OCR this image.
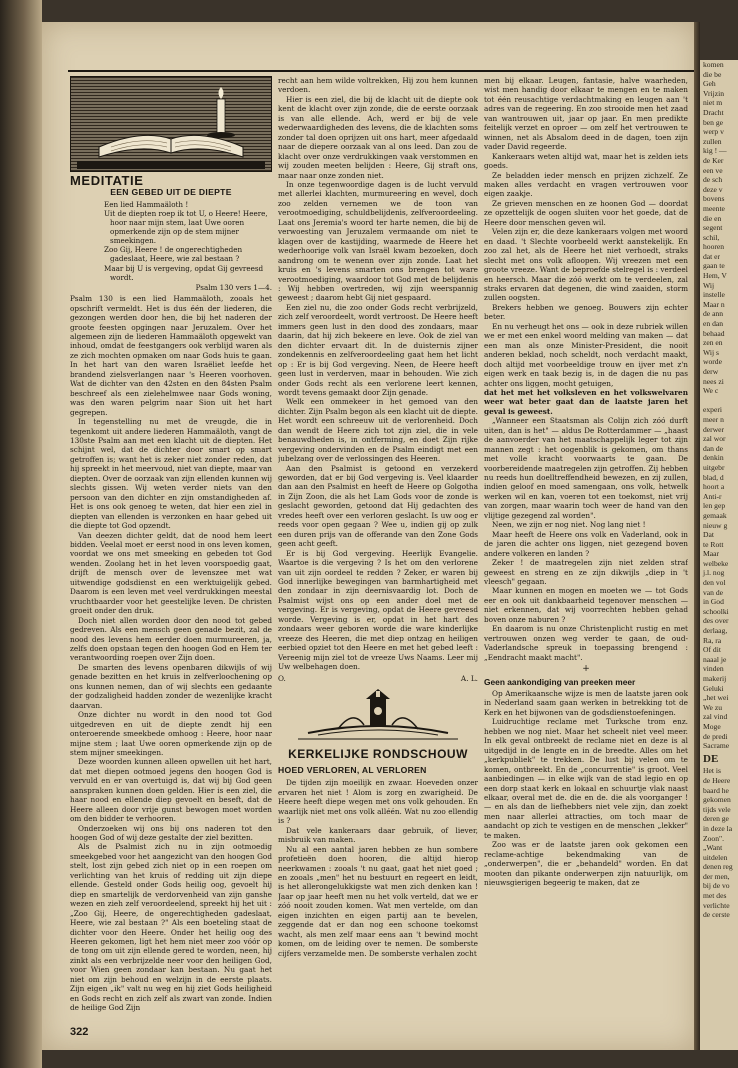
komen
die be
Geh
Vrijzin
niet m
Dracht
ben ge
werp v
zullen
kig ! —
de Ker
een ve
de sch
deze v
bovens
meente
die en
segent
schil,
hooren
dat er
gaan te
Hem, V
Wij
instelle
Maar n
de ann
en dan
behaad
zen en
Wij s
worde
derw
nees zi
We c

experi
meer n
derwer
zal wor
dan de
denkin
uitgebr
blad, d
hoort a
Anti-r
len gep
gemaak
nieuw g
Dat
te Rott
Maar
welbeke
j.l. nog
den vol
van de
in God
schoolki
des over
derlaag,
Ra, ra
Of dit
naaal je
vinden
makerij
Geluki
„het wei
We zu
zal vind
Moge
de predi
Sacrame
DE
Het is
de Heere
baard he
gekomen
tijds vele
deren ge
in deze la
Zoon".
„Want
uitdelen
denen reg
der men,
bij de vo
met des
verlichte
de cerste
MEDITATIE
EEN GEBED UIT DE DIEPTE

Een lied Hammaäloth !

Uit de diepten roep ik tot U, o Heere! Heere, hoor naar mijn stem, laat Uwe ooren opmerkende zijn op de stem mijner smeekingen.

Zoo Gij, Heere ! de ongerechtigheden gadeslaat, Heere, wie zal bestaan ?

Maar bij U is vergeving, opdat Gij gevreesd wordt.

Psalm 130 vers 1—4.

Psalm 130 is een lied Hammaäloth, zooals het opschrift vermeldt. Het is dus één der liederen, die gezongen werden door hen, die bij het naderen der groote feesten opgingen naar Jeruzalem. Over het algemeen zijn de liederen Hammaäloth opgewekt van inhoud, omdat de feestgangers ook verblijd waren als ze zich mochten opmaken om naar Gods huis te gaan. In het hart van den waren Israëliet leefde het brandend zielsverlangen naar 's Heeren voorhoven. Wat de dichter van den 42sten en den 84sten Psalm beschreef als een zielehelmwee naar Gods woning, was den waren pelgrim naar Sion uit het hart gegrepen.

In tegenstelling nu met de vreugde, die in tegenkomt uit andere liederen Hammaäloth, vangt de 130ste Psalm aan met een klacht uit de diepten. Het schijnt wel, dat de dichter door smart op smart getroffen is; want het is zeker niet zonder reden, dat hij spreekt in het meervoud, niet van diepte, maar van diepten. Over de oorzaak van zijn ellenden kunnen wij slechts gissen. Wij weten verder niets van den persoon van den dichter en zijn omstandigheden af. Het is ons ook genoeg te weten, dat hier een ziel in diepten van ellenden is verzonken en haar gebed uit die diepte tot God opzendt.

Van deezen dichter geldt, dat de nood hem leert bidden. Veelal moet er eerst nood in ons leven komen, voordat we ons met smeeking en gebeden tot God wenden. Zoolang het in het leven voorspoedig gaat, drijft de mensch over de levenszee met wat uitwendige godsdienst en een werktuigelijk gebed. Daarom is een leven met veel verdrukkingen meestal vruchtbaarder voor het geestelijke leven. De christen groeit onder den druk.

Doch niet allen worden door den nood tot gebed gedreven. Als een mensch geen genade bezit, zal de nood des levens hem eerder doen murmureeren, ja, zelfs doen opstaan tegen den hoogen God en Hem ter verantwoording roepen over Zijn doen.

De smarten des levens openbaren dikwijls of wij genade bezitten en het kruis in zelfverloochening op ons kunnen nemen, dan of wij slechts een gedaante der godzaligheid hadden zonder de wezenlijke kracht daarvan.

Onze dichter nu wordt in den nood tot God uitgedreven en uit de diepte zendt hij een onteroerende smeekbede omhoog : Heere, hoor naar mijne stem ; laat Uwe ooren opmerkende zijn op de stem mijner smeekingen.

Deze woorden kunnen alleen opwellen uit het hart, dat met diepen ootmoed jegens den hoogen God is vervuld en er van overtuigd is, dat wij bij God geen aanspraken kunnen doen gelden. Hier is een ziel, die haar nood en ellende diep gevoelt en beseft, dat de Heere alleen door vrije gunst bewogen moet worden om den bidder te verhooren.

Onderzoeken wij ons bij ons naderen tot den hoogen God of wij deze gestalte der ziel bezitten.

Als de Psalmist zich nu in zijn ootmoedig smeekgebed voor het aangezicht van den hoogen God stelt, lost zijn gebed zich niet op in een roepen om verlichting van het kruis of redding uit zijn diepe ellende. Gesteld onder Gods heilig oog, gevoelt hij diep en smartelijk de verdorvenheid van zijn ganshe wezen en zieh zelf veroordeelend, spreekt hij het uit : „Zoo Gij, Heere, de ongerechtigheden gadeslaat, Heere, wie zal bestaan ?" Als een boeteling staat de dichter voor den Heere. Onder het heilig oog des Heeren gekomen, ligt het hem niet meer zoo vóór op de tong om uit zijn ellende gered te worden, neen, hij zinkt als een verbrijzelde neer voor den heiligen God, voor Wien geen zondaar kan bestaan. Nu gaat het niet om zijn behoud en welzijn in de eerste plaats. Zijn eigen „ik" valt nu weg en hij ziet Gods heiligheid en Gods recht en zich zelf als zwart van zonde. Indien de heilige God Zijn

recht aan hem wilde voltrekken, Hij zou hem kunnen verdoen.

Hier is een ziel, die bij de klacht uit de diepte ook kent de klacht over zijn zonde, die de eerste oorzaak is van alle ellende. Ach, werd er bij de vele wederwaardigheden des levens, die de klachten soms zonder tal doen oprijzen uit ons hart, meer afgedaald naar de diepere oorzaak van al ons leed. Dan zou de klacht over onze verdrukkingen vaak verstommen en wij zouden meeten belijden : Heere, Gij straft ons, maar naar onze zonden niet.

In onze tegenwoordige dagen is de lucht vervuld met allerlei klachten, murmureering en wevel, doch zoo zelden vernemen we de toon van verootmoediging, schuldbelijdenis, zelfveroordeeling. Laat ons Jeremia's woord ter harte nemen, die bij de verwoesting van Jeruzalem vermaande om niet te klagen over de kastijding, waarmede de Heere het wederhoorige volk van Israël kwam bezoeken, doch aandrong om te wenenn over zijn zonde. Laat het kruis en 's levens smarten ons brengen tot ware verootmoediging, waardoor tot God met de belijdenis : Wij hebben overtreden, wij zijn weerspannig geweest ; daarom hebt Gij niet gespaard.

Een ziel nu, die zoo onder Gods recht verbrijzeld, zich zelf veroordeelt, wordt vertroost. De Heere heeft immers geen lust in den dood des zondaars, maar daarin, dat hij zich bekeere en leve. Ook de ziel van den dichter ervaart dit. In de duisternis zijner zondekennis en zelfveroordeeling gaat hem het licht op : Er is bij God vergeving. Neen, de Heere heeft geen lust in verderven, maar in behouden. Wie zich onder Gods recht als een verlorene leert kennen, wordt tevens gemaakt door Zijn genade.

Welk een ommekeer in het gemoed van den dichter. Zijn Psalm begon als een klacht uit de diepte. Het wordt een schreeuw uit de verlorenheid. Doch dan wendt de Heere zich tot zijn ziel, die in vele benauwdheden is, in ontferming, en doet Zijn rijke vergeving ondervinden en de Psalm eindigt met een jubelzang over de verlossingen des Heeren.

Aan den Psalmist is getoond en verzekerd geworden, dat er bij God vergeving is. Veel klaarder dan aan den Psalmist en heeft de Heere op Golgotha in Zijn Zoon, die als het Lam Gods voor de zonde is geslacht geworden, getoond dat Hij gedachten des vredes heeft over een verloren geslacht. Is uw oog er reeds voor open gegaan ? Wee u, indien gij op zulk een duren prijs van de offerande van den Zone Gods geen acht geeft.

Er is bij God vergeving. Heerlijk Evangelie. Waartoe is die vergeving ? Is het om den verlorene van uit zijn oordeel te redden ? Zeker, er waren bij God innerlijke bewegingen van barmhartigheid met den zondaar in zijn deernisvaardig lot. Doch de Psalmist wijst ons op een ander doel met de vergeving. Er is vergeving, opdat de Heere gevreesd worde. Vergeving is er, opdat in het hart des zondaars weer geboren worde die ware kinderlijke vreeze des Heeren, die met diep ontzag en heiligen eerbied opziet tot den Heere en met het gebed leeft : Vereenig mijn ziel tot de vreeze Uws Naams. Leer mij Uw welbehagen doen.

O.	A. L.
KERKELIJKE RONDSCHOUW
HOED VERLOREN, AL VERLOREN

De tijden zijn moeilijk en zwaar. Hoeveden onzer ervaren het niet ! Alom is zorg en zwarigheid. De Heere heeft diepe wegen met ons volk gehouden. En waarlijk niet met ons volk alléén. Wat nu zoo ellendig is ?

Dat vele kankeraars daar gebruik, of liever, misbruik van maken.

Nu al een aantal jaren hebben ze hun sombere profetieën doen hooren, die altijd hierop neerkwamen : zooals 't nu gaat, gaat het niet goed ; en zooals „men" het nu bestuurt en regeert en leidt, is het allerongelukkigste wat men zich denken kan ! Jaar op jaar heeft men nu het volk verteld, dat we er zóó nooit zouden komen. Wat men vertelde, om dan eigen inzichten en eigen partij aan te bevelen, zeggende dat er dan nog een schoone toekomst wacht, als men zelf maar eens aan 't bewind mocht komen, om de leiding over te nemen. De somberste cijfers verzamelde men. De somberste verhalen zocht

men bij elkaar. Leugen, fantasie, halve waarheden, wist men handig door elkaar te mengen en te maken tot één reusachtige verdachtmaking en leugen aan 't adres van de regeering. En zoo strooide men het zaad van wantrouwen uit, jaar op jaar. En men predikte feitelijk verzet en oproer — om zelf het vertrouwen te winnen, net als Absalom deed in de dagen, toen zijn vader David regeerde.

Kankeraars weten altijd wat, maar het is zelden iets goeds.

Ze beladden ieder mensch en prijzen zichzelf. Ze maken alles verdacht en vragen vertrouwen voor eigen zaakje.

Ze grieven menschen en ze hoonen God — doordat ze opzettelijk de oogen sluiten voor het goede, dat de Heere door menschen geven wil.

Velen zijn er, die deze kankeraars volgen met woord en daad. 't Slechte voorbeeld werkt aanstekelijk. En zoo zal het, als de Heere het niet verhoedt, straks slecht met ons volk afloopen. Wij vreezen met een groote vreeze. Want de beproefde stelregel is : verdeel en heersch. Maar die zóó werkt om te verdeelen, zal straks ervaren dat degenen, die wind zaaiden, storm zullen oogsten.

Brekers hebben we genoeg. Bouwers zijn echter beter.

En nu verheugt het ons — ook in deze rubriek willen we er met een enkel woord melding van maken — dat een man als onze Minister-President, die nooit anderen beklad, noch scheldt, noch verdacht maakt, doch altijd met voorbeeldige trouw en ijver met z'n eigen werk en taak bezig is, in de dagen die nu pas achter ons liggen, mocht getuigen,

dat het met het volksleven en het volkswelvaren weer wat beter gaat dan de laatste jaren het geval is geweest.

„Wanneer een Staatsman als Colijn zich zóó durft uiten, dan is het" — aldus De Rotterdammer — „haast de aanvoerder van het maatschappelijk leger tot zijn mannen zegt : het oogenblik is gekomen, om thans met volle kracht voorwaarts te gaan. De voorbereidende maatregelen zijn getroffen. Zij hebben nu reeds hun doelltreffendheid bewezen, en zij zullen, indien geloof en moed samengaan, ons volk, hetwelk werken wil en kan, voeren tot een toekomst, niet vrij van zorgen, maar waarin toch weer de hand van den vlijtige gezegend zal worden".

Neen, we zijn er nog niet. Nog lang niet !

Maar heeft de Heere ons volk en Vaderland, ook in de jaren die achter ons liggen, niet gezegend boven andere volkeren en landen ?

Zeker ! de maatregelen zijn niet zelden straf geweest en streng en ze zijn dikwijls „diep in 't vleesch" gegaan.

Maar kunnen en mogen en moeten we — tot Gods eer en ook uit dankbaarheid tegenover menschen — niet erkennen, dat wij voorrechten hebben gehad boven onze naburen ?

En daarom is nu onze Christenplicht rustig en met vertrouwen onzen weg verder te gaan, de oud-Vaderlandsche spreuk in toepassing brengend : „Eendracht maakt macht".

+
Geen aankondiging van preeken meer

Op Amerikaansche wijze is men de laatste jaren ook in Nederland saam gaan werken in betrekking tot de Kerk en het bijwonen van de godsdienstoefeningen.

Luidruchtige reclame met Turksche trom enz. hebben we nog niet. Maar het scheelt niet veel meer. In elk geval ontbreekt de reclame niet en deze is al uitgedijd in de lengte en in de breedte. Alles om het „kerkpubliek" te trekken. De lust bij velen om te komen, ontbreekt. En de „concurrentie" is groot. Veel aanbiedingen — in elke wijk van de stad legio en op een dorp staat kerk en lokaal en schuurtje vlak naast elkaar, overal met de. die en de. die als voorganger ! — en als dan de liefhebbers niet vele zijn, dan zoekt men naar allerlei attracties, om toch maar de aandacht op zich te vestigen en de menschen „lekker" te maken.

Zoo was er de laatste jaren ook gekomen een reclame-achtige bekendmaking van de „onderwerpen", die er „behandeld" worden. En dat mooten dan pikante onderwerpen zijn natuurlijk, om nieuwsgierigen begeerig te maken, dat ze

322
